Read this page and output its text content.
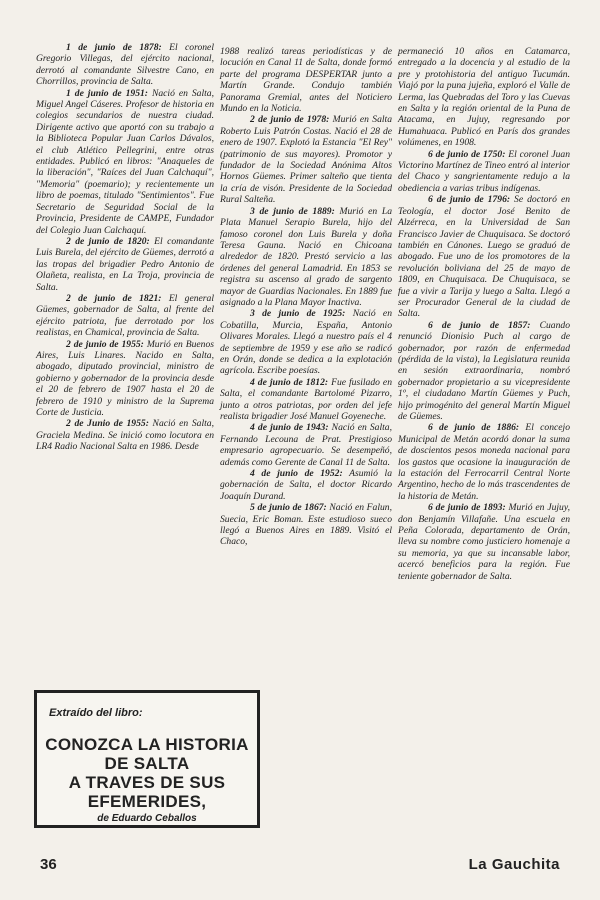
1 de junio de 1878: El coronel Gregorio Villegas, del ejército nacional, derrotó al comandante Silvestre Cano, en Chorrillos, provincia de Salta.

1 de junio de 1951: Nació en Salta, Miguel Angel Cáseres. Profesor de historia en colegios secundarios de nuestra ciudad. Dirigente activo que aportó con su trabajo a la Biblioteca Popular Juan Carlos Dávalos, el club Atlético Pellegrini, entre otras entidades. Publicó en libros: "Anaqueles de la liberación", "Raíces del Juan Calchaquí", "Memoria" (poemario); y recientemente un libro de poemas, titulado "Sentimientos". Fue Secretario de Seguridad Social de la Provincia, Presidente de CAMPE, Fundador del Colegio Juan Calchaquí.

2 de junio de 1820: El comandante Luis Burela, del ejército de Güemes, derrotó a las tropas del brigadier Pedro Antonio de Olañeta, realista, en La Troja, provincia de Salta.

2 de junio de 1821: El general Güemes, gobernador de Salta, al frente del ejército patriota, fue derrotado por los realistas, en Chamical, provincia de Salta.

2 de junio de 1955: Murió en Buenos Aires, Luis Linares. Nacido en Salta, abogado, diputado provincial, ministro de gobierno y gobernador de la provincia desde el 20 de febrero de 1907 hasta el 20 de febrero de 1910 y ministro de la Suprema Corte de Justicia.

2 de Junio de 1955: Nació en Salta, Graciela Medina. Se inició como locutora en LR4 Radio Nacional Salta en 1986. Desde

1988 realizó tareas periodísticas y de locución en Canal 11 de Salta, donde formó parte del programa DESPERTAR junto a Martín Grande. Condujo también Panorama Gremial, antes del Noticiero Mundo en la Noticia.

2 de junio de 1978: Murió en Salta Roberto Luis Patrón Costas. Nació el 28 de enero de 1907. Explotó la Estancia "El Rey" (patrimonio de sus mayores). Promotor y fundador de la Sociedad Anónima Altos Hornos Güemes. Primer salteño que tienta la cría de visón. Presidente de la Sociedad Rural Salteña.

3 de junio de 1889: Murió en La Plata Manuel Serapio Burela, hijo del famoso coronel don Luis Burela y doña Teresa Gauna. Nació en Chicoana alrededor de 1820. Prestó servicio a las órdenes del general Lamadrid. En 1853 se registra su ascenso al grado de sargento mayor de Guardias Nacionales. En 1889 fue asignado a la Plana Mayor Inactiva.

3 de junio de 1925: Nació en Cobatilla, Murcia, España, Antonio Olivares Morales. Llegó a nuestro país el 4 de septiembre de 1959 y ese año se radicó en Orán, donde se dedica a la explotación agrícola. Escribe poesías.

4 de junio de 1812: Fue fusilado en Salta, el comandante Bartolomé Pizarro, junto a otros patriotas, por orden del jefe realista brigadier José Manuel Goyeneche.

4 de junio de 1943: Nació en Salta, Fernando Lecouna de Prat. Prestigioso empresario agropecuario. Se desempeñó, además como Gerente de Canal 11 de Salta.

4 de junio de 1952: Asumió la gobernación de Salta, el doctor Ricardo Joaquín Durand.

5 de junio de 1867: Nació en Falun, Suecia, Eric Boman. Este estudioso sueco llegó a Buenos Aires en 1889. Visitó el Chaco,

permaneció 10 años en Catamarca, entregado a la docencia y al estudio de la pre y protohistoria del antiguo Tucumán. Viajó por la puna jujeña, exploró el Valle de Lerma, las Quebradas del Toro y las Cuevas en Salta y la región oriental de la Puna de Atacama, en Jujuy, regresando por Humahuaca. Publicó en París dos grandes volúmenes, en 1908.

6 de junio de 1750: El coronel Juan Victorino Martínez de Tineo entró al interior del Chaco y sangrientamente redujo a la obediencia a varias tribus indígenas.

6 de junio de 1796: Se doctoró en Teología, el doctor José Benito de Alzérreca, en la Universidad de San Francisco Javier de Chuquisaca. Se doctoró también en Cánones. Luego se graduó de abogado. Fue uno de los promotores de la revolución boliviana del 25 de mayo de 1809, en Chuquisaca. De Chuquisaca, se fue a vivir a Tarija y luego a Salta. Llegó a ser Procurador General de la ciudad de Salta.

6 de junio de 1857: Cuando renunció Dionisio Puch al cargo de gobernador, por razón de enfermedad (pérdida de la vista), la Legislatura reunida en sesión extraordinaria, nombró gobernador propietario a su vicepresidente 1º, el ciudadano Martín Güemes y Puch, hijo primogénito del general Martín Miguel de Güemes.

6 de junio de 1886: El concejo Municipal de Metán acordó donar la suma de doscientos pesos moneda nacional para los gastos que ocasione la inauguración de la estación del Ferrocarril Central Norte Argentino, hecho de lo más trascendentes de la historia de Metán.

6 de junio de 1893: Murió en Jujuy, don Benjamín Villafañe. Una escuela en Peña Colorada, departamento de Orán, lleva su nombre como justiciero homenaje a su memoria, ya que su incansable labor, acercó beneficios para la región. Fue teniente gobernador de Salta.

Extraído del libro:
CONOZCA LA HISTORIA
DE SALTA
A TRAVES DE SUS
EFEMERIDES,
de Eduardo Ceballos
36	La Gauchita
